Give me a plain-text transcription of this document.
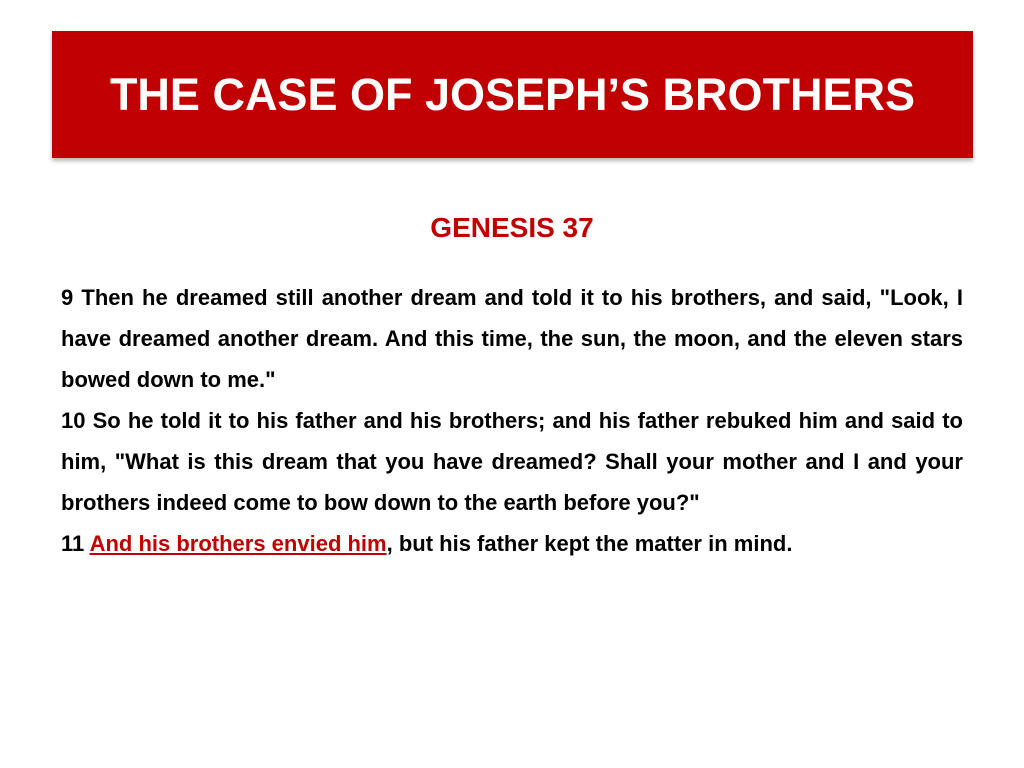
THE CASE OF JOSEPH’S BROTHERS
GENESIS 37

9 Then he dreamed still another dream and told it to his brothers, and said, "Look, I have dreamed another dream. And this time, the sun, the moon, and the eleven stars bowed down to me."

10 So he told it to his father and his brothers; and his father rebuked him and said to him, "What is this dream that you have dreamed? Shall your mother and I and your brothers indeed come to bow down to the earth before you?"

11 And his brothers envied him, but his father kept the matter in mind.
